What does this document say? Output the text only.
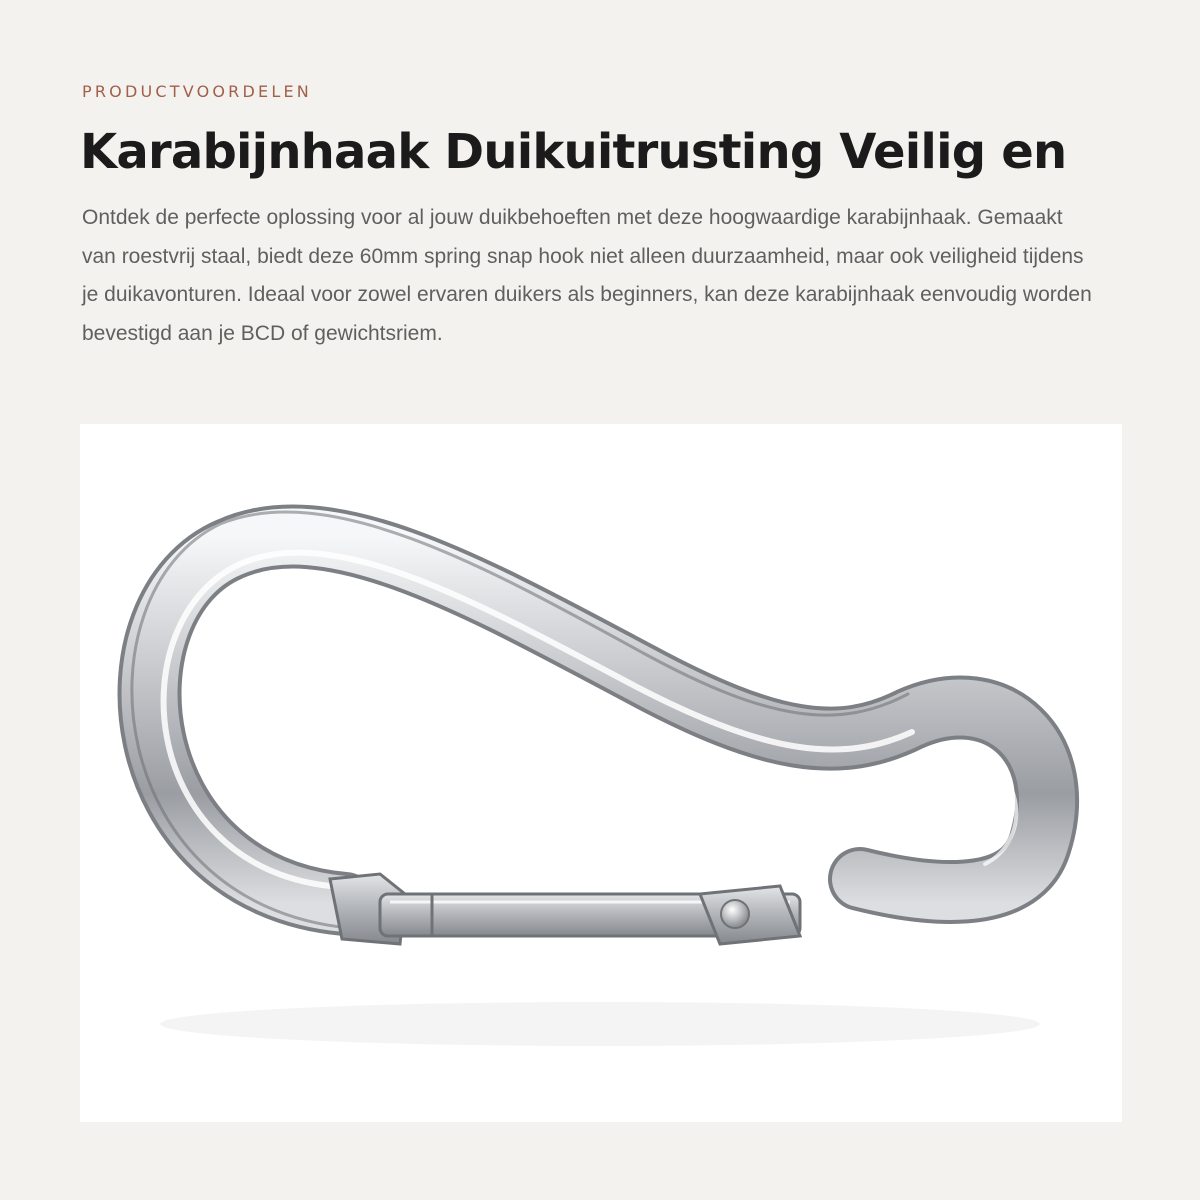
PRODUCTVOORDELEN

Karabijnhaak Duikuitrusting Veilig en

Ontdek de perfecte oplossing voor al jouw duikbehoeften met deze hoogwaardige karabijnhaak. Gemaakt van roestvrij staal, biedt deze 60mm spring snap hook niet alleen duurzaamheid, maar ook veiligheid tijdens je duikavonturen. Ideaal voor zowel ervaren duikers als beginners, kan deze karabijnhaak eenvoudig worden bevestigd aan je BCD of gewichtsriem.
